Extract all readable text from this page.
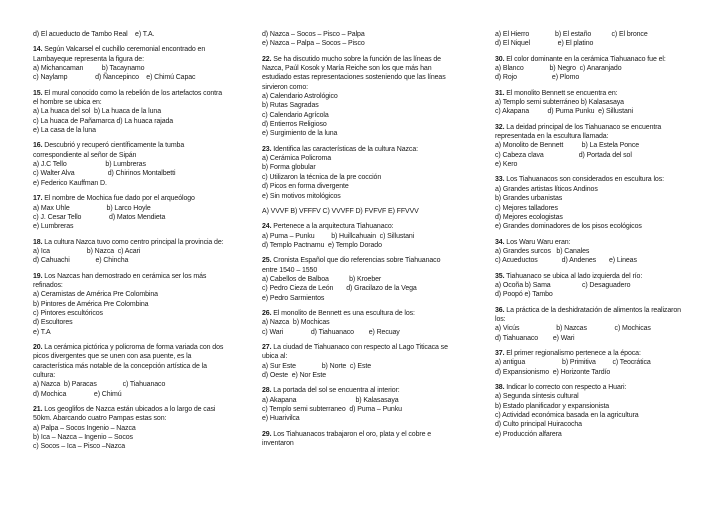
d) El acueducto de Tambo Real    e) T.A.
14. Según Valcarsel el cuchillo ceremonial encontrado en
Lambayeque representa la figura de:
a) Michancaman          b) Tacaynamo
c) Naylamp               d) Ñancepinco    e) Chimú Capac
15. El mural conocido como la rebelión de los artefactos contra
el hombre se ubica en:
a) La huaca del sol  b) La huaca de la luna
c) La huaca de Pañamarca d) La huaca rajada
e) La casa de la luna
16. Descubrió y recuperó científicamente la tumba
correspondiente al señor de Sipán
a) J.C Tello                     b) Lumbreras
c) Walter Alva                  d) Chirinos Montalbetti
e) Federico Kauffman D.
17. El nombre de Mochica fue dado por el arqueólogo
a) Max Uhle                    b) Larco Hoyle
c) J. Cesar Tello               d) Matos Mendieta
e) Lumbreras
18. La cultura Nazca tuvo como centro principal la provincia de:
a) Ica                    b) Nazca  c) Acari
d) Cahuachi              e) Chincha
19. Los Nazcas han demostrado en cerámica ser los más
refinados:
a) Ceramistas de América Pre Colombina
b) Pintores de América Pre Colombina
c) Pintores escultóricos
d) Escultores
e) T.A
20. La cerámica pictórica y policroma de forma variada con dos
picos divergentes que se unen con asa puente, es la
característica más notable de la concepción artística de la
cultura:
a) Nazca  b) Paracas              c) Tiahuanaco
d) Mochica               e) Chimú
21. Los geoglifos de Nazca están ubicados a lo largo de casi
50km. Abarcando cuatro Pampas estas son:
a) Palpa – Socos Ingenio – Nazca
b) Ica – Nazca – Ingenio – Socos
c) Socos – Ica – Pisco –Nazca
d) Nazca – Socos – Pisco – Palpa
e) Nazca – Palpa – Socos – Pisco
22. Se ha discutido mucho sobre la función de las líneas de
Nazca, Paúl Kosok y María Reiche son los que más han
estudiado estas representaciones sosteniendo que las líneas
sirvieron como:
a) Calendario Astrológico
b) Rutas Sagradas
c) Calendario Agrícola
d) Entierros Religioso
e) Surgimiento de la luna
23. Identifica las características de la cultura Nazca:
a) Cerámica Policroma
b) Forma globular
c) Utilizaron la técnica de la pre cocción
d) Picos en forma divergente
e) Sin motivos mitológicos
A) VVVF B) VFFFV C) VVVFF D) FVFVF E) FFVVV
24. Pertenece a la arquitectura Tiahuanaco:
a) Puma – Punku         b) Huillcahuain  c) Sillustani
d) Templo Pactnamu  e) Templo Dorado
25. Cronista Español que dio referencias sobre Tiahuanaco
entre 1540 – 1550
a) Cabellos de Balboa           b) Kroeber
c) Pedro Cieza de León       d) Gracilazo de la Vega
e) Pedro Sarmientos
26. El monolito de Bennett es una escultura de los:
a) Nazca  b) Mochicas
c) Wari               d) Tiahuanaco        e) Recuay
27. La ciudad de Tiahuanaco con respecto al Lago Titicaca se
ubica al:
a) Sur Este              b) Norte  c) Este
d) Oeste  e) Nor Este
28. La portada del sol se encuentra al interior:
a) Akapana                                b) Kalasasaya
c) Templo semi subterraneo  d) Puma – Punku
e) Huarivilca
29. Los Tiahuanacos trabajaron el oro, plata y el cobre e
inventaron
a) El Hierro              b) El estaño           c) El bronce
d) El Niquel               e) El platino
30. El color dominante en la cerámica Tiahuanaco fue el:
a) Blanco              b) Negro  c) Anaranjado
d) Rojo                   e) Plomo
31. El monolito Bennett se encuentra en:
a) Templo semi subterráneo b) Kalasasaya
c) Akapana          d) Puma Punku  e) Sillustani
32. La deidad principal de los Tiahuanaco se encuentra
representada en la escultura llamada:
a) Monolito de Bennett          b) La Estela Ponce
c) Cabeza clava                   d) Portada del sol
e) Kero
33. Los Tiahuanacos son considerados en escultura los:
a) Grandes artistas líticos Andinos
b) Grandes urbanistas
c) Mejores talladores
d) Mejores ecologistas
e) Grandes dominadores de los pisos ecológicos
34. Los Waru Waru eran:
a) Grandes surcos   b) Canales
c) Acueductos             d) Andenes       e) Lineas
35. Tiahuanaco se ubica al lado izquierda del río:
a) Ocoña b) Sama                 c) Desaguadero
d) Poopó e) Tambo
36. La práctica de la deshidratación de alimentos la realizaron
los:
a) Vicús                    b) Nazcas               c) Mochicas
d) Tiahuanaco        e) Wari
37. El primer regionalismo pertenece a la época:
a) antigua                    b) Primitiva         c) Teocrática
d) Expansionismo  e) Horizonte Tardío
38. Indicar lo correcto con respecto a Huari:
a) Segunda síntesis cultural
b) Estado planificador y expansionista
c) Actividad económica basada en la agricultura
d) Culto principal Huiracocha
e) Producción alfarera
